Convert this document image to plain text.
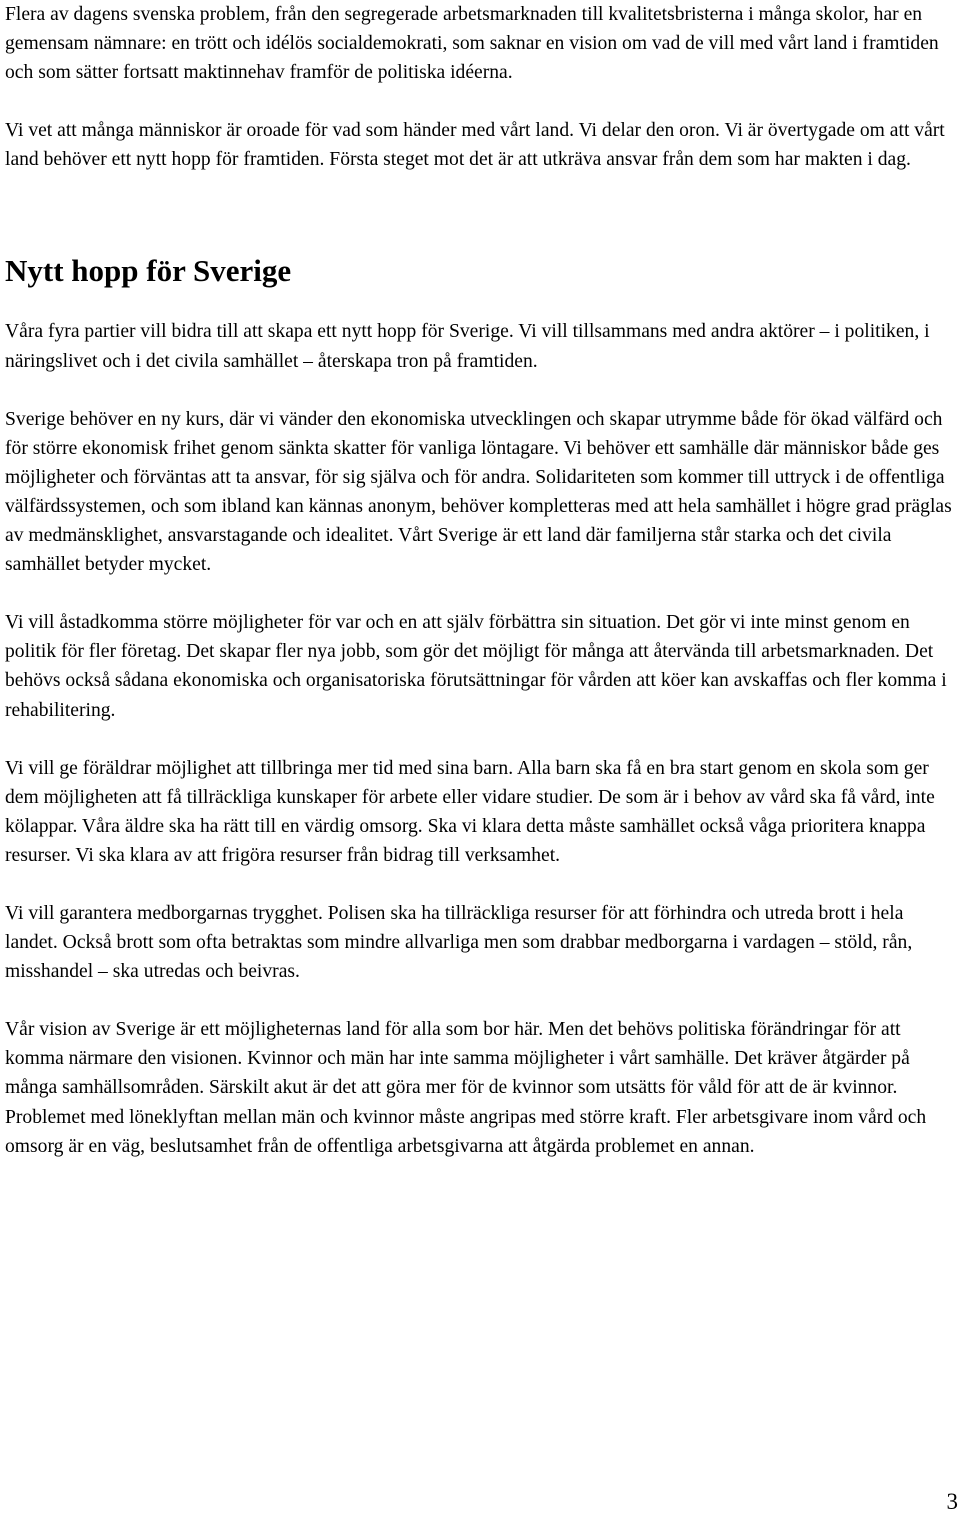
Flera av dagens svenska problem, från den segregerade arbetsmarknaden till kvalitetsbristerna i många skolor, har en gemensam nämnare: en trött och idélös socialdemokrati, som saknar en vision om vad de vill med vårt land i framtiden och som sätter fortsatt maktinnehav framför de politiska idéerna.

Vi vet att många människor är oroade för vad som händer med vårt land. Vi delar den oron. Vi är övertygade om att vårt land behöver ett nytt hopp för framtiden. Första steget mot det är att utkräva ansvar från dem som har makten i dag.

Nytt hopp för Sverige

Våra fyra partier vill bidra till att skapa ett nytt hopp för Sverige. Vi vill tillsammans med andra aktörer – i politiken, i näringslivet och i det civila samhället – återskapa tron på framtiden.

Sverige behöver en ny kurs, där vi vänder den ekonomiska utvecklingen och skapar utrymme både för ökad välfärd och för större ekonomisk frihet genom sänkta skatter för vanliga löntagare. Vi behöver ett samhälle där människor både ges möjligheter och förväntas att ta ansvar, för sig själva och för andra. Solidariteten som kommer till uttryck i de offentliga välfärdssystemen, och som ibland kan kännas anonym, behöver kompletteras med att hela samhället i högre grad präglas av medmänsklighet, ansvarstagande och idealitet. Vårt Sverige är ett land där familjerna står starka och det civila samhället betyder mycket.

Vi vill åstadkomma större möjligheter för var och en att själv förbättra sin situation. Det gör vi inte minst genom en politik för fler företag. Det skapar fler nya jobb, som gör det möjligt för många att återvända till arbetsmarknaden. Det behövs också sådana ekonomiska och organisatoriska förutsättningar för vården att köer kan avskaffas och fler komma i rehabilitering.

Vi vill ge föräldrar möjlighet att tillbringa mer tid med sina barn. Alla barn ska få en bra start genom en skola som ger dem möjligheten att få tillräckliga kunskaper för arbete eller vidare studier. De som är i behov av vård ska få vård, inte kölappar. Våra äldre ska ha rätt till en värdig omsorg. Ska vi klara detta måste samhället också våga prioritera knappa resurser. Vi ska klara av att frigöra resurser från bidrag till verksamhet.

Vi vill garantera medborgarnas trygghet. Polisen ska ha tillräckliga resurser för att förhindra och utreda brott i hela landet. Också brott som ofta betraktas som mindre allvarliga men som drabbar medborgarna i vardagen – stöld, rån, misshandel – ska utredas och beivras.

Vår vision av Sverige är ett möjligheternas land för alla som bor här. Men det behövs politiska förändringar för att komma närmare den visionen. Kvinnor och män har inte samma möjligheter i vårt samhälle. Det kräver åtgärder på många samhällsområden. Särskilt akut är det att göra mer för de kvinnor som utsätts för våld för att de är kvinnor. Problemet med löneklyftan mellan män och kvinnor måste angripas med större kraft. Fler arbetsgivare inom vård och omsorg är en väg, beslutsamhet från de offentliga arbetsgivarna att åtgärda problemet en annan.

3
